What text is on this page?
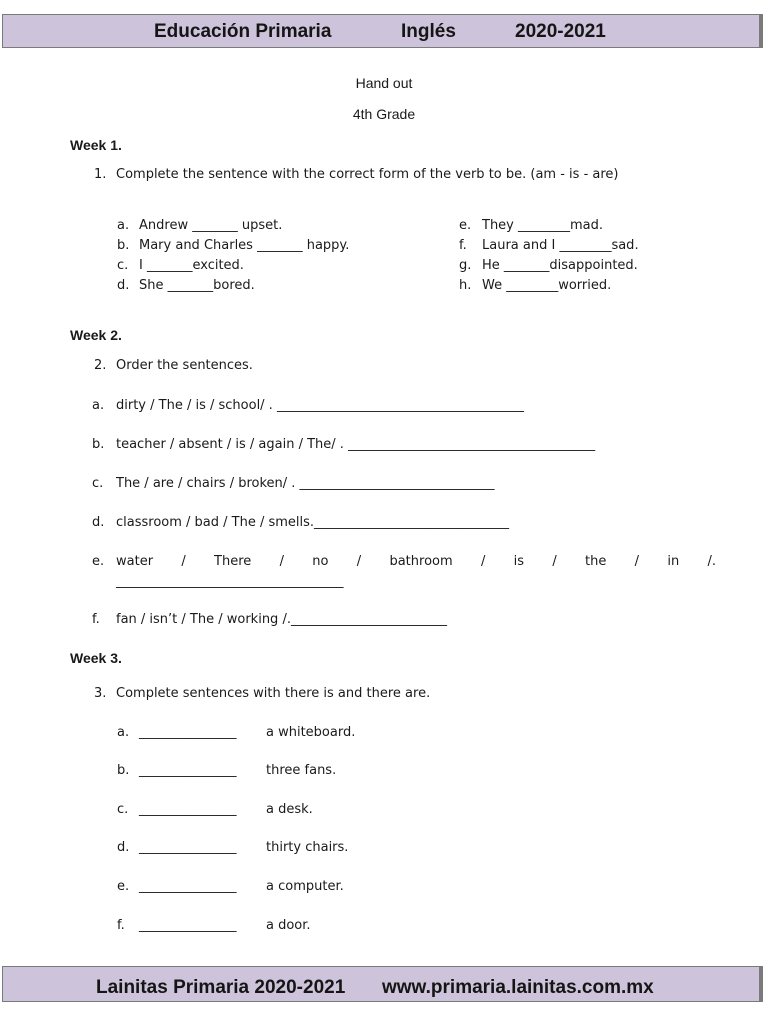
Educación Primaria	Inglés	2020-2021
Hand out
4th Grade
Week 1.
1. Complete the sentence with the correct form of the verb to be. (am - is - are)
a. Andrew _______ upset.
b. Mary and Charles _______ happy.
c. I _______excited.
d. She _______bored.
e. They ________mad.
f. Laura and I ________sad.
g. He _______disappointed.
h. We ________worried.
Week 2.
2. Order the sentences.
a. dirty / The / is / school/ . ______________________________________
b. teacher / absent / is / again / The/ . ______________________________________
c. The / are / chairs / broken/ . ______________________________
d. classroom / bad / The / smells.______________________________
e. water / There / no / bathroom / is / the / in /.
___________________________________
f. fan / isn’t / The / working /.________________________
Week 3.
3. Complete sentences with there is and there are.
a. _______________ a whiteboard.
b. _______________ three fans.
c. _______________ a desk.
d. _______________ thirty chairs.
e. _______________ a computer.
f. _______________ a door.
Lainitas Primaria 2020-2021 www.primaria.lainitas.com.mx
